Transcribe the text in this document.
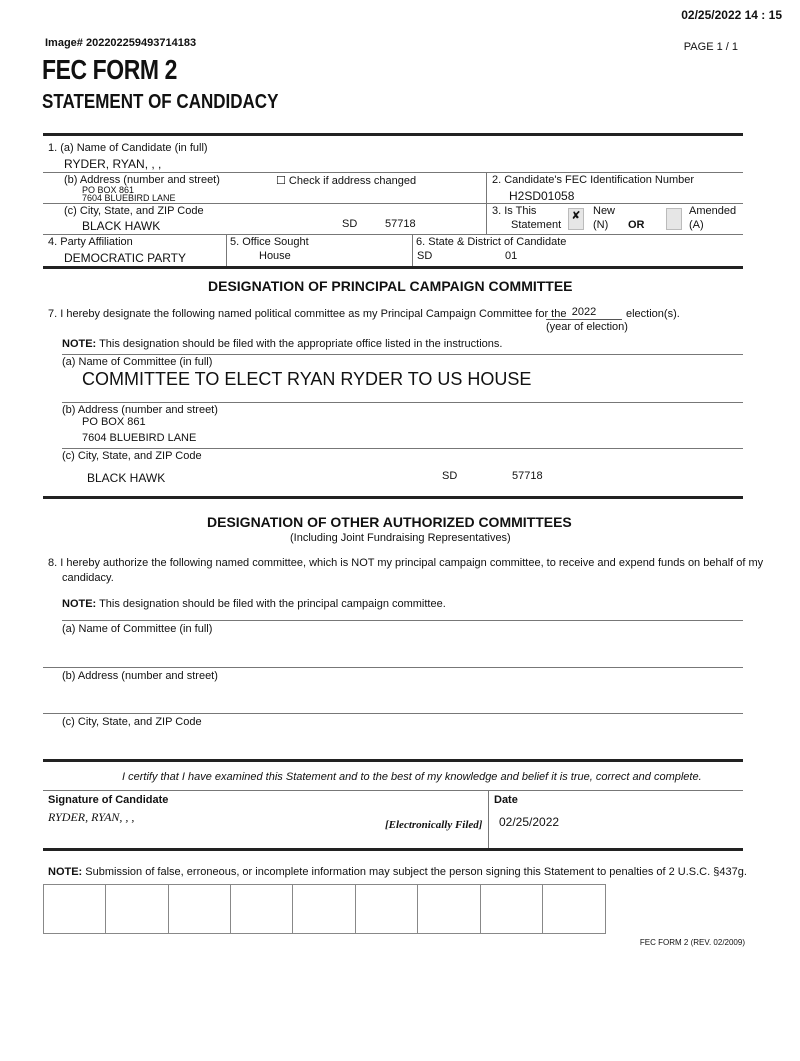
02/25/2022 14 : 15
Image# 202202259493714183	PAGE 1 / 1
FEC FORM 2
STATEMENT OF CANDIDACY
1. (a) Name of Candidate (in full)
RYDER, RYAN, , ,
(b) Address (number and street)
PO BOX 861
7604 BLUEBIRD LANE
☐ Check if address changed	2. Candidate's FEC Identification Number
H2SD01058
(c) City, State, and ZIP Code
BLACK HAWK	SD	57718
3. Is This
Statement
✘	New
(N) OR
Amended
(A)
4. Party Affiliation
DEMOCRATIC PARTY
5. Office Sought
House
6. State & District of Candidate
SD	01
DESIGNATION OF PRINCIPAL CAMPAIGN COMMITTEE
7. I hereby designate the following named political committee as my Principal Campaign Committee for the 2022	election(s).
(year of election)
NOTE: This designation should be filed with the appropriate office listed in the instructions.
(a) Name of Committee (in full)
COMMITTEE TO ELECT RYAN RYDER TO US HOUSE
(b) Address (number and street)
PO BOX 861
7604 BLUEBIRD LANE
(c) City, State, and ZIP Code
BLACK HAWK	SD	57718
DESIGNATION OF OTHER AUTHORIZED COMMITTEES
(Including Joint Fundraising Representatives)
8. I hereby authorize the following named committee, which is NOT my principal campaign committee, to receive and expend funds on behalf of my
candidacy.
NOTE: This designation should be filed with the principal campaign committee.
(a) Name of Committee (in full)
(b) Address (number and street)
(c) City, State, and ZIP Code
I certify that I have examined this Statement and to the best of my knowledge and belief it is true, correct and complete.
Signature of Candidate
RYDER, RYAN, , ,
[Electronically Filed]
Date
02/25/2022
NOTE: Submission of false, erroneous, or incomplete information may subject the person signing this Statement to penalties of 2 U.S.C. §437g.
FEC FORM 2 (REV. 02/2009)
